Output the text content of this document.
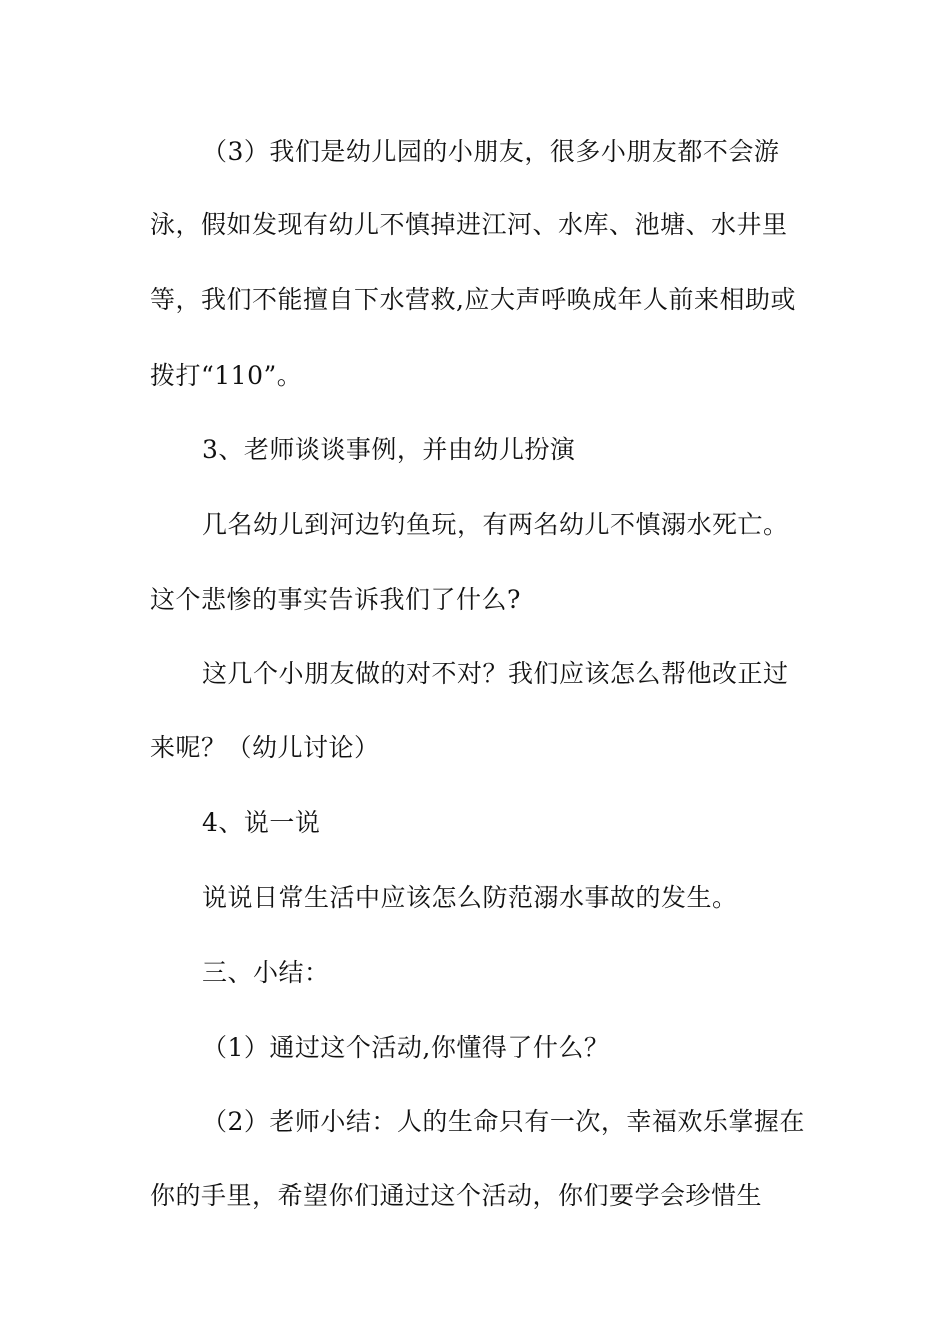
（3）我们是幼儿园的小朋友，很多小朋友都不会游
泳，假如发现有幼儿不慎掉进江河、水库、池塘、水井里
等，我们不能擅自下水营救,应大声呼唤成年人前来相助或
拨打“110”。
3、老师谈谈事例，并由幼儿扮演
几名幼儿到河边钓鱼玩，有两名幼儿不慎溺水死亡。
这个悲惨的事实告诉我们了什么?
这几个小朋友做的对不对？我们应该怎么帮他改正过
来呢？（幼儿讨论）
4、说一说
说说日常生活中应该怎么防范溺水事故的发生。
三、小结：
（1）通过这个活动,你懂得了什么？
（2）老师小结：人的生命只有一次，幸福欢乐掌握在
你的手里，希望你们通过这个活动，你们要学会珍惜生
